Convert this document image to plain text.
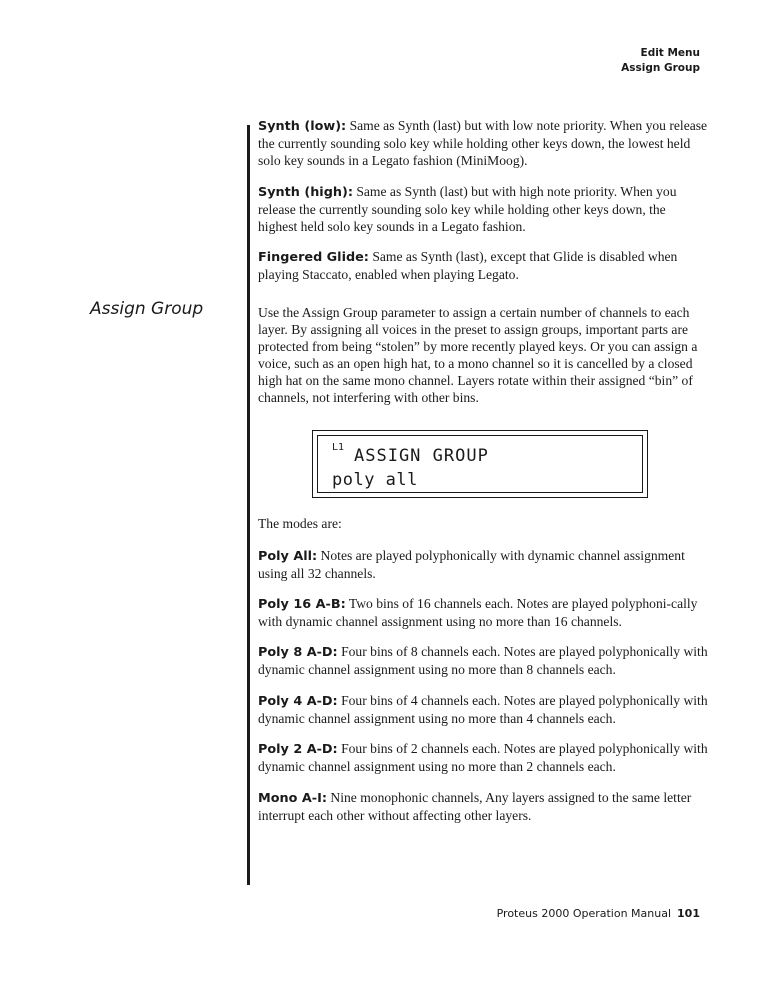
Edit Menu
Assign Group
Assign Group

Synth (low): Same as Synth (last) but with low note priority. When you release the currently sounding solo key while holding other keys down, the lowest held solo key sounds in a Legato fashion (MiniMoog).

Synth (high): Same as Synth (last) but with high note priority. When you release the currently sounding solo key while holding other keys down, the highest held solo key sounds in a Legato fashion.

Fingered Glide: Same as Synth (last), except that Glide is disabled when playing Staccato, enabled when playing Legato.

Use the Assign Group parameter to assign a certain number of channels to each layer. By assigning all voices in the preset to assign groups, important parts are protected from being “stolen” by more recently played keys. Or you can assign a voice, such as an open high hat, to a mono channel so it is cancelled by a closed high hat on the same mono channel. Layers rotate within their assigned “bin” of channels, not interfering with other bins.

L1 ASSIGN GROUP
poly all

The modes are:

Poly All: Notes are played polyphonically with dynamic channel assignment using all 32 channels.

Poly 16 A-B: Two bins of 16 channels each. Notes are played polyphoni-cally with dynamic channel assignment using no more than 16 channels.

Poly 8 A-D: Four bins of 8 channels each. Notes are played polyphonically with dynamic channel assignment using no more than 8 channels each.

Poly 4 A-D: Four bins of 4 channels each. Notes are played polyphonically with dynamic channel assignment using no more than 4 channels each.

Poly 2 A-D: Four bins of 2 channels each. Notes are played polyphonically with dynamic channel assignment using no more than 2 channels each.

Mono A-I: Nine monophonic channels, Any layers assigned to the same letter interrupt each other without affecting other layers.

Proteus 2000 Operation Manual 101
